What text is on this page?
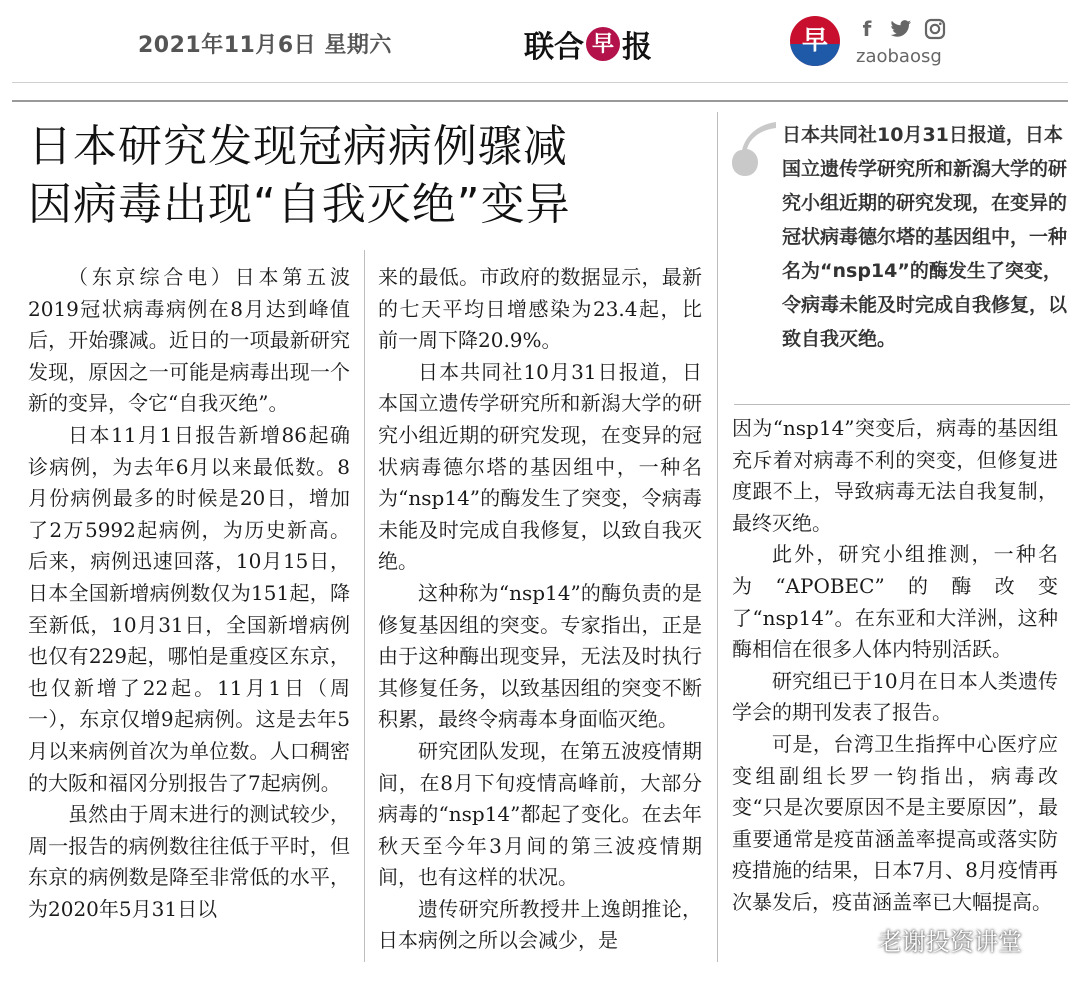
2021年11月6日 星期六	联合 早 报	早	f
zaobaosg
日本研究发现冠病病例骤减
因病毒出现“自我灭绝”变异
日本共同社10月31日报道，日本国立遗传学研究所和新潟大学的研究小组近期的研究发现，在变异的冠状病毒德尔塔的基因组中，一种名为“nsp14”的酶发生了突变，令病毒未能及时完成自我修复，以致自我灭绝。

（东京综合电）日本第五波2019冠状病毒病例在8月达到峰值后，开始骤减。近日的一项最新研究发现，原因之一可能是病毒出现一个新的变异，令它“自我灭绝”。

日本11月1日报告新增86起确诊病例，为去年6月以来最低数。8月份病例最多的时候是20日，增加了2万5992起病例，为历史新高。后来，病例迅速回落，10月15日，日本全国新增病例数仅为151起，降至新低，10月31日，全国新增病例也仅有229起，哪怕是重疫区东京，也仅新增了22起。11月1日（周一），东京仅增9起病例。这是去年5月以来病例首次为单位数。人口稠密的大阪和福冈分别报告了7起病例。

虽然由于周末进行的测试较少，周一报告的病例数往往低于平时，但东京的病例数是降至非常低的水平，为2020年5月31日以

来的最低。市政府的数据显示，最新的七天平均日增感染为23.4起，比前一周下降20.9%。

日本共同社10月31日报道，日本国立遗传学研究所和新潟大学的研究小组近期的研究发现，在变异的冠状病毒德尔塔的基因组中，一种名为“nsp14”的酶发生了突变，令病毒未能及时完成自我修复，以致自我灭绝。

这种称为“nsp14”的酶负责的是修复基因组的突变。专家指出，正是由于这种酶出现变异，无法及时执行其修复任务，以致基因组的突变不断积累，最终令病毒本身面临灭绝。

研究团队发现，在第五波疫情期间，在8月下旬疫情高峰前，大部分病毒的“nsp14”都起了变化。在去年秋天至今年3月间的第三波疫情期间，也有这样的状况。

遗传研究所教授井上逸朗推论，日本病例之所以会减少，是

因为“nsp14”突变后，病毒的基因组充斥着对病毒不利的突变，但修复进度跟不上，导致病毒无法自我复制，最终灭绝。

此外，研究小组推测，一种名为“APOBEC”的酶改变了“nsp14”。在东亚和大洋洲，这种酶相信在很多人体内特别活跃。

研究组已于10月在日本人类遗传学会的期刊发表了报告。

可是，台湾卫生指挥中心医疗应变组副组长罗一钧指出，病毒改变“只是次要原因不是主要原因”，最重要通常是疫苗涵盖率提高或落实防疫措施的结果，日本7月、8月疫情再次暴发后，疫苗涵盖率已大幅提高。

老谢投资讲堂
